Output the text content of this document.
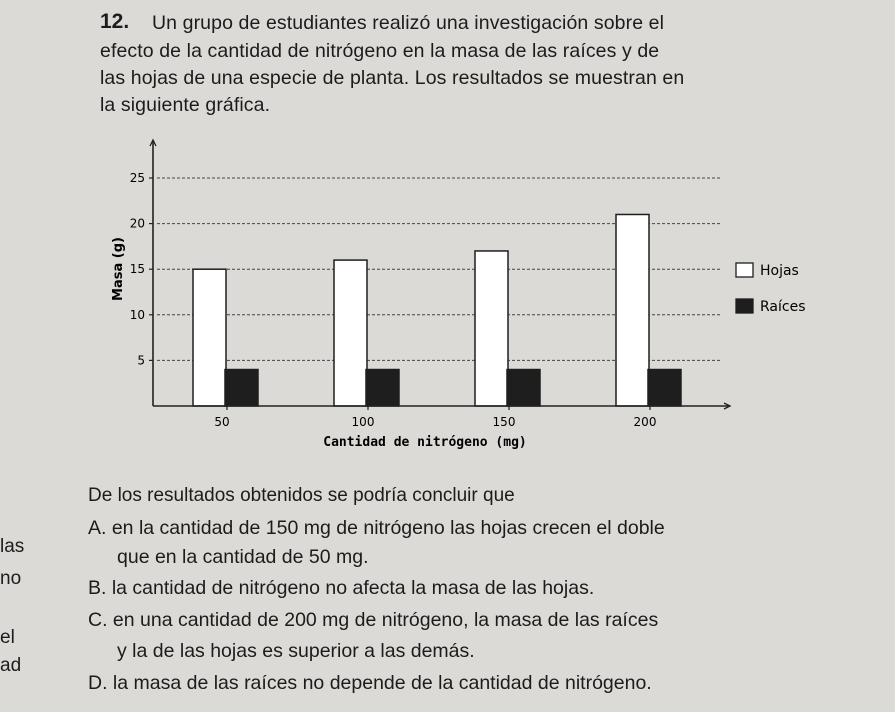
12. Un grupo de estudiantes realizó una investigación sobre el
efecto de la cantidad de nitrógeno en la masa de las raíces y de
las hojas de una especie de planta. Los resultados se muestran en
la siguiente gráfica.
5
10
15
20
25
50	100	150	200
Masa (g)
Cantidad de nitrógeno (mg)
Hojas
Raíces
De los resultados obtenidos se podría concluir que
A. en la cantidad de 150 mg de nitrógeno las hojas crecen el doble
que en la cantidad de 50 mg.
B. la cantidad de nitrógeno no afecta la masa de las hojas.
C. en una cantidad de 200 mg de nitrógeno, la masa de las raíces
y la de las hojas es superior a las demás.
D. la masa de las raíces no depende de la cantidad de nitrógeno.
las
no
el
ad
